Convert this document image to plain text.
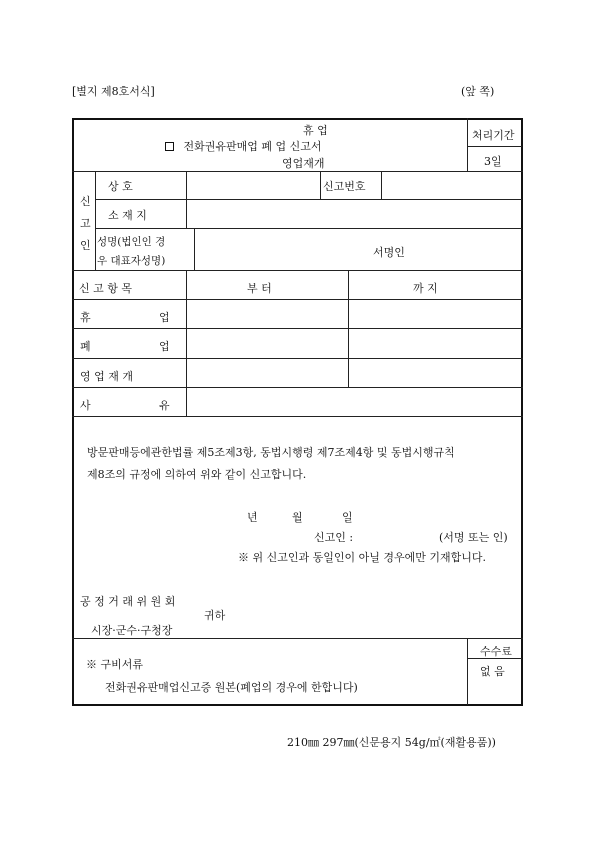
[별지 제8호서식]	(앞 쪽)
휴 업
전화권유판매업 폐 업 신고서
영업재개
처리기간
3일
신
고
인
상 호	신고번호
소 재 지
성명(법인인 경
우 대표자성명)
서명인
신 고 항 목	부 터	까 지
휴	업
폐	업
영 업 재 개
사	유
방문판매등에관한법률 제5조제3항, 동법시행령 제7조제4항 및 동법시행규칙
제8조의 규정에 의하여 위와 같이 신고합니다.
년	월	일
신고인 :	(서명 또는 인)
※ 위 신고인과 동일인이 아닐 경우에만 기재합니다.
공 정 거 래 위 원 회
귀하
시장·군수·구청장
※ 구비서류
전화권유판매업신고증 원본(폐업의 경우에 한합니다)
수수료
없 음
210㎜ 297㎜(신문용지 54g/㎡(재활용품))
